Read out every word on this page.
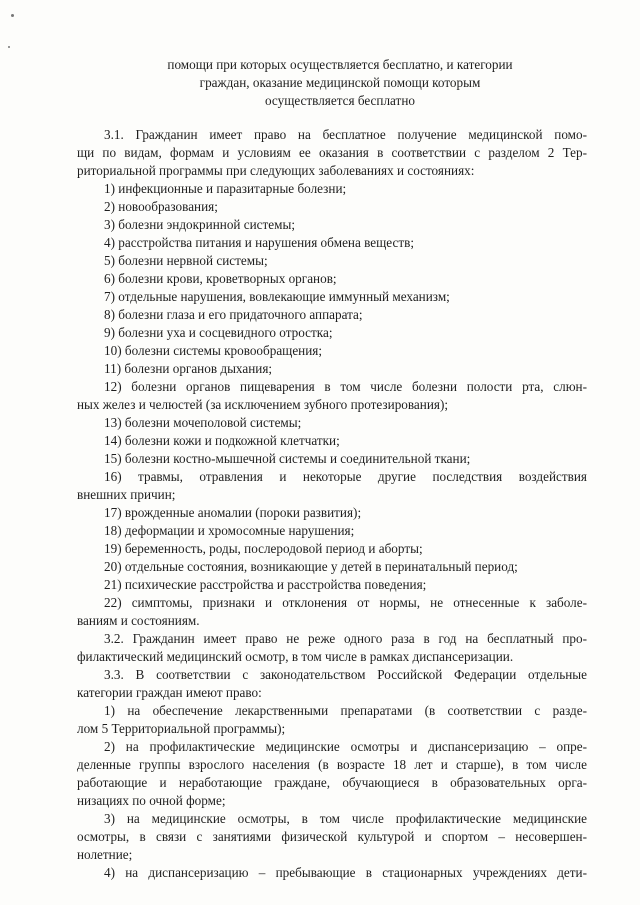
помощи при которых осуществляется бесплатно, и категории
граждан, оказание медицинской помощи которым
осуществляется бесплатно

3.1. Гражданин имеет право на бесплатное получение медицинской помо-
щи по видам, формам и условиям ее оказания в соответствии с разделом 2 Тер-
риториальной программы при следующих заболеваниях и состояниях:

1) инфекционные и паразитарные болезни;
2) новообразования;
3) болезни эндокринной системы;
4) расстройства питания и нарушения обмена веществ;
5) болезни нервной системы;
6) болезни крови, кроветворных органов;
7) отдельные нарушения, вовлекающие иммунный механизм;
8) болезни глаза и его придаточного аппарата;
9) болезни уха и сосцевидного отростка;
10) болезни системы кровообращения;
11) болезни органов дыхания;
12) болезни органов пищеварения в том числе болезни полости рта, слюн-
ных желез и челюстей (за исключением зубного протезирования);
13) болезни мочеполовой системы;
14) болезни кожи и подкожной клетчатки;
15) болезни костно-мышечной системы и соединительной ткани;
16) травмы, отравления и некоторые другие последствия воздействия
внешних причин;
17) врожденные аномалии (пороки развития);
18) деформации и хромосомные нарушения;
19) беременность, роды, послеродовой период и аборты;
20) отдельные состояния, возникающие у детей в перинатальный период;
21) психические расстройства и расстройства поведения;
22) симптомы, признаки и отклонения от нормы, не отнесенные к заболе-
ваниям и состояниям.

3.2. Гражданин имеет право не реже одного раза в год на бесплатный про-
филактический медицинский осмотр, в том числе в рамках диспансеризации.

3.3. В соответствии с законодательством Российской Федерации отдельные
категории граждан имеют право:

1) на обеспечение лекарственными препаратами (в соответствии с разде-
лом 5 Территориальной программы);
2) на профилактические медицинские осмотры и диспансеризацию – опре-
деленные группы взрослого населения (в возрасте 18 лет и старше), в том числе
работающие и неработающие граждане, обучающиеся в образовательных орга-
низациях по очной форме;
3) на медицинские осмотры, в том числе профилактические медицинские
осмотры, в связи с занятиями физической культурой и спортом – несовершен-
нолетние;
4) на диспансеризацию – пребывающие в стационарных учреждениях дети-
